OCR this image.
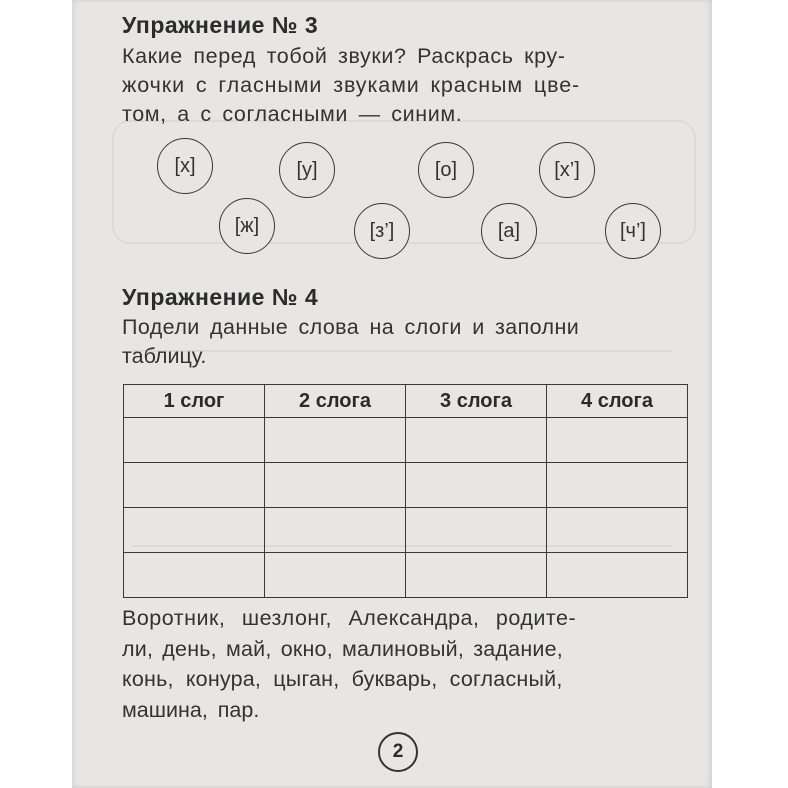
Упражнение № 3
Какие перед тобой звуки? Раскрась кру-
жочки с гласными звуками красным цве-
том, а с согласными — синим.
[х]	[у]	[о]	[х’]
[ж]	[з’]	[а]	[ч’]
Упражнение № 4
Подели данные слова на слоги и заполни
таблицу.
1 слог	2 слога	3 слога	4 слога

Воротник, шезлонг, Александра, родите-
ли, день, май, окно, малиновый, задание,
конь, конура, цыган, букварь, согласный,
машина, пар.
2
